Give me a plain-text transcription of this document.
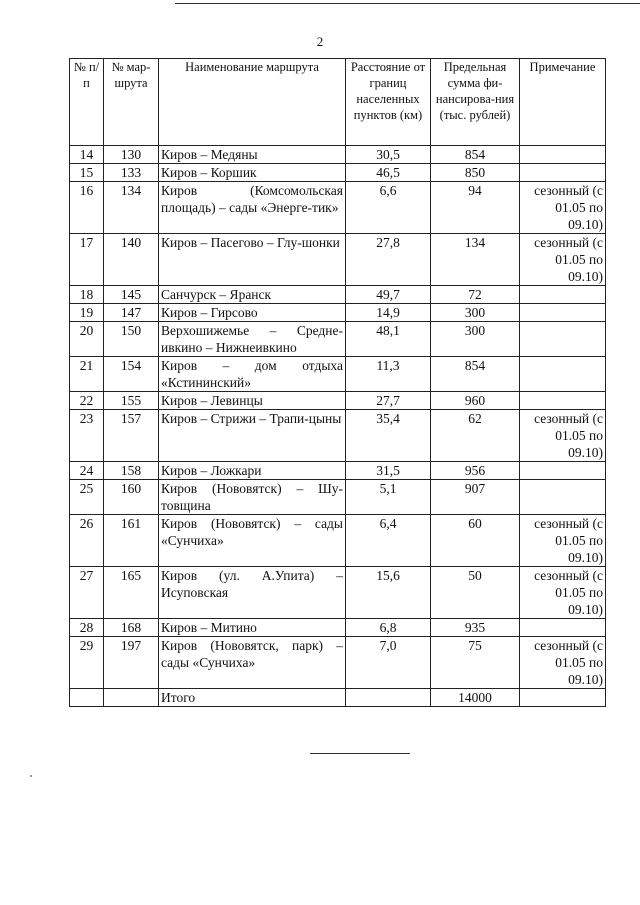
2
№ п/п	№ мар-шрута	Наименование маршрута	Расстояние от границ населенных пунктов (км)	Предельная сумма фи-нансирова-ния (тыс. рублей)	Примечание
14	130	Киров – Медяны	30,5	854	
15	133	Киров – Коршик	46,5	850	
16	134	Киров (Комсомольская площадь) – сады «Энерге-тик»	6,6	94	сезонный (с 01.05 по 09.10)
17	140	Киров – Пасегово – Глу-шонки	27,8	134	сезонный (с 01.05 по 09.10)
18	145	Санчурск – Яранск	49,7	72	
19	147	Киров – Гирсово	14,9	300	
20	150	Верхошижемье – Средне-ивкино – Нижнеивкино	48,1	300	
21	154	Киров – дом отдыха «Кстининский»	11,3	854	
22	155	Киров – Левинцы	27,7	960	
23	157	Киров – Стрижи – Трапи-цыны	35,4	62	сезонный (с 01.05 по 09.10)
24	158	Киров – Ложкари	31,5	956	
25	160	Киров (Нововятск) – Шу-товщина	5,1	907	
26	161	Киров (Нововятск) – сады «Сунчиха»	6,4	60	сезонный (с 01.05 по 09.10)
27	165	Киров (ул. А.Упита) – Исуповская	15,6	50	сезонный (с 01.05 по 09.10)
28	168	Киров – Митино	6,8	935	
29	197	Киров (Нововятск, парк) – сады «Сунчиха»	7,0	75	сезонный (с 01.05 по 09.10)
		Итого		14000	
